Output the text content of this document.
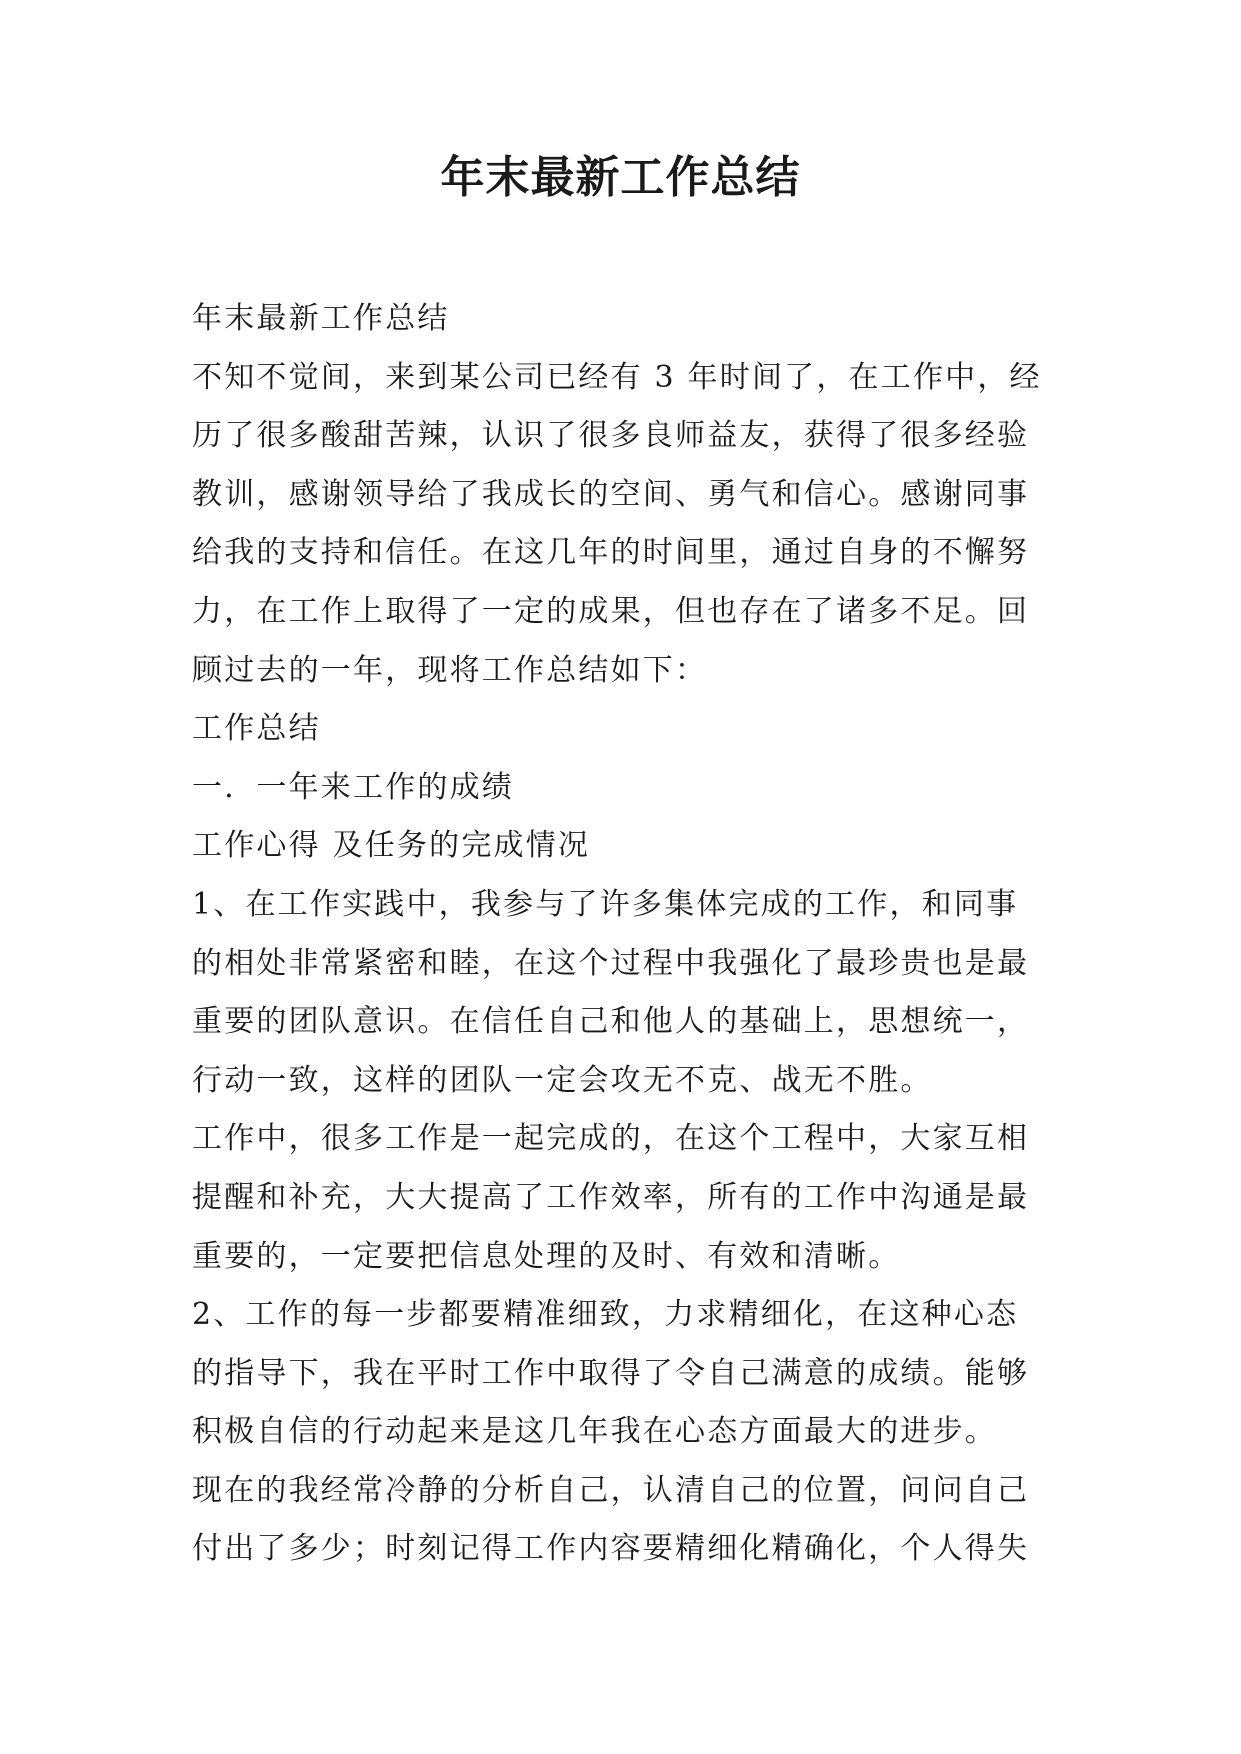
年末最新工作总结
年末最新工作总结
不知不觉间，来到某公司已经有 3 年时间了，在工作中，经
历了很多酸甜苦辣，认识了很多良师益友，获得了很多经验
教训，感谢领导给了我成长的空间、勇气和信心。感谢同事
给我的支持和信任。在这几年的时间里，通过自身的不懈努
力，在工作上取得了一定的成果，但也存在了诸多不足。回
顾过去的一年，现将工作总结如下：
工作总结
一．一年来工作的成绩
工作心得 及任务的完成情况
1、在工作实践中，我参与了许多集体完成的工作，和同事
的相处非常紧密和睦，在这个过程中我强化了最珍贵也是最
重要的团队意识。在信任自己和他人的基础上，思想统一，
行动一致，这样的团队一定会攻无不克、战无不胜。
工作中，很多工作是一起完成的，在这个工程中，大家互相
提醒和补充，大大提高了工作效率，所有的工作中沟通是最
重要的，一定要把信息处理的及时、有效和清晰。
2、工作的每一步都要精准细致，力求精细化，在这种心态
的指导下，我在平时工作中取得了令自己满意的成绩。能够
积极自信的行动起来是这几年我在心态方面最大的进步。
现在的我经常冷静的分析自己，认清自己的位置，问问自己
付出了多少；时刻记得工作内容要精细化精确化，个人得失
